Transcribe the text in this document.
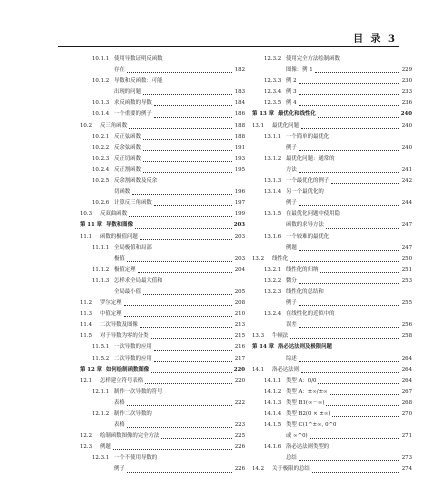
目 录 3
10.1.1 使用导数证明反函数
存在	182
10.1.2 导数和反函数：可能
出现的问题	183
10.1.3 求反函数的导数	184
10.1.4 一个重要的例子	186
10.2 反三角函数	188
10.2.1 反正弦函数	188
10.2.2 反余弦函数	191
10.2.3 反正切函数	193
10.2.4 反正割函数	195
10.2.5 反余割函数及反余
切函数	196
10.2.6 计算反三角函数	197
10.3 反双曲函数	199
第 11 章 导数和图像	203
11.1 函数的极值问题	203
11.1.1 全局极值和局部
极值	203
11.1.2 极值定理	204
11.1.3 怎样求全局最大值和
全局最小值	205
11.2 罗尔定理	208
11.3 中值定理	210
11.4 二次导数及图像	213
11.5 对于导数为零的分类	215
11.5.1 一次导数的应用	216
11.5.2 二次导数的应用	217
第 12 章 如何绘制函数图像	220
12.1 怎样建立符号表格	220
12.1.1 制作一次导数的符号
表格	222
12.1.2 制作二次导数的
表格	223
12.2 绘制函数图像的完全方法	225
12.3 例题	226
12.3.1 一个不使用导数的
例子	226
12.3.2 使用完全方法绘制函数
图像：例 1	229
12.3.3 例 2	230
12.3.4 例 3	233
12.3.5 例 4	236
第 13 章 最优化和线性化	240
13.1 最优化问题	240
13.1.1 一个简单的最优化
例子	240
13.1.2 最优化问题：通常的
方法	241
13.1.3 一个最优化的例子	242
13.1.4 另一个最优化的
例子	244
13.1.5 在最优化问题中使用隐
函数的求导方法	247
13.1.6 一个较难的最优化
例题	247
13.2 线性化	250
13.2.1 线性化的归纳	251
13.2.2 微分	253
13.2.3 线性化的总结和
例子	255
13.2.4 在线性化的近似中的
误差	256
13.3 牛顿法	258
第 14 章 洛必达法则及极限问题
综述	264
14.1 洛必达法则	264
14.1.1 类型 A：0/0	264
14.1.2 类型 A：±∞/±∞	267
14.1.3 类型 B1(∞－∞)	268
14.1.4 类型 B2(0 × ±∞)	270
14.1.5 类型 C(1^±∞, 0^0
或 ∞^0)	271
14.1.6 洛必达法则类型的
总结	273
14.2 关于极限的总结	274
